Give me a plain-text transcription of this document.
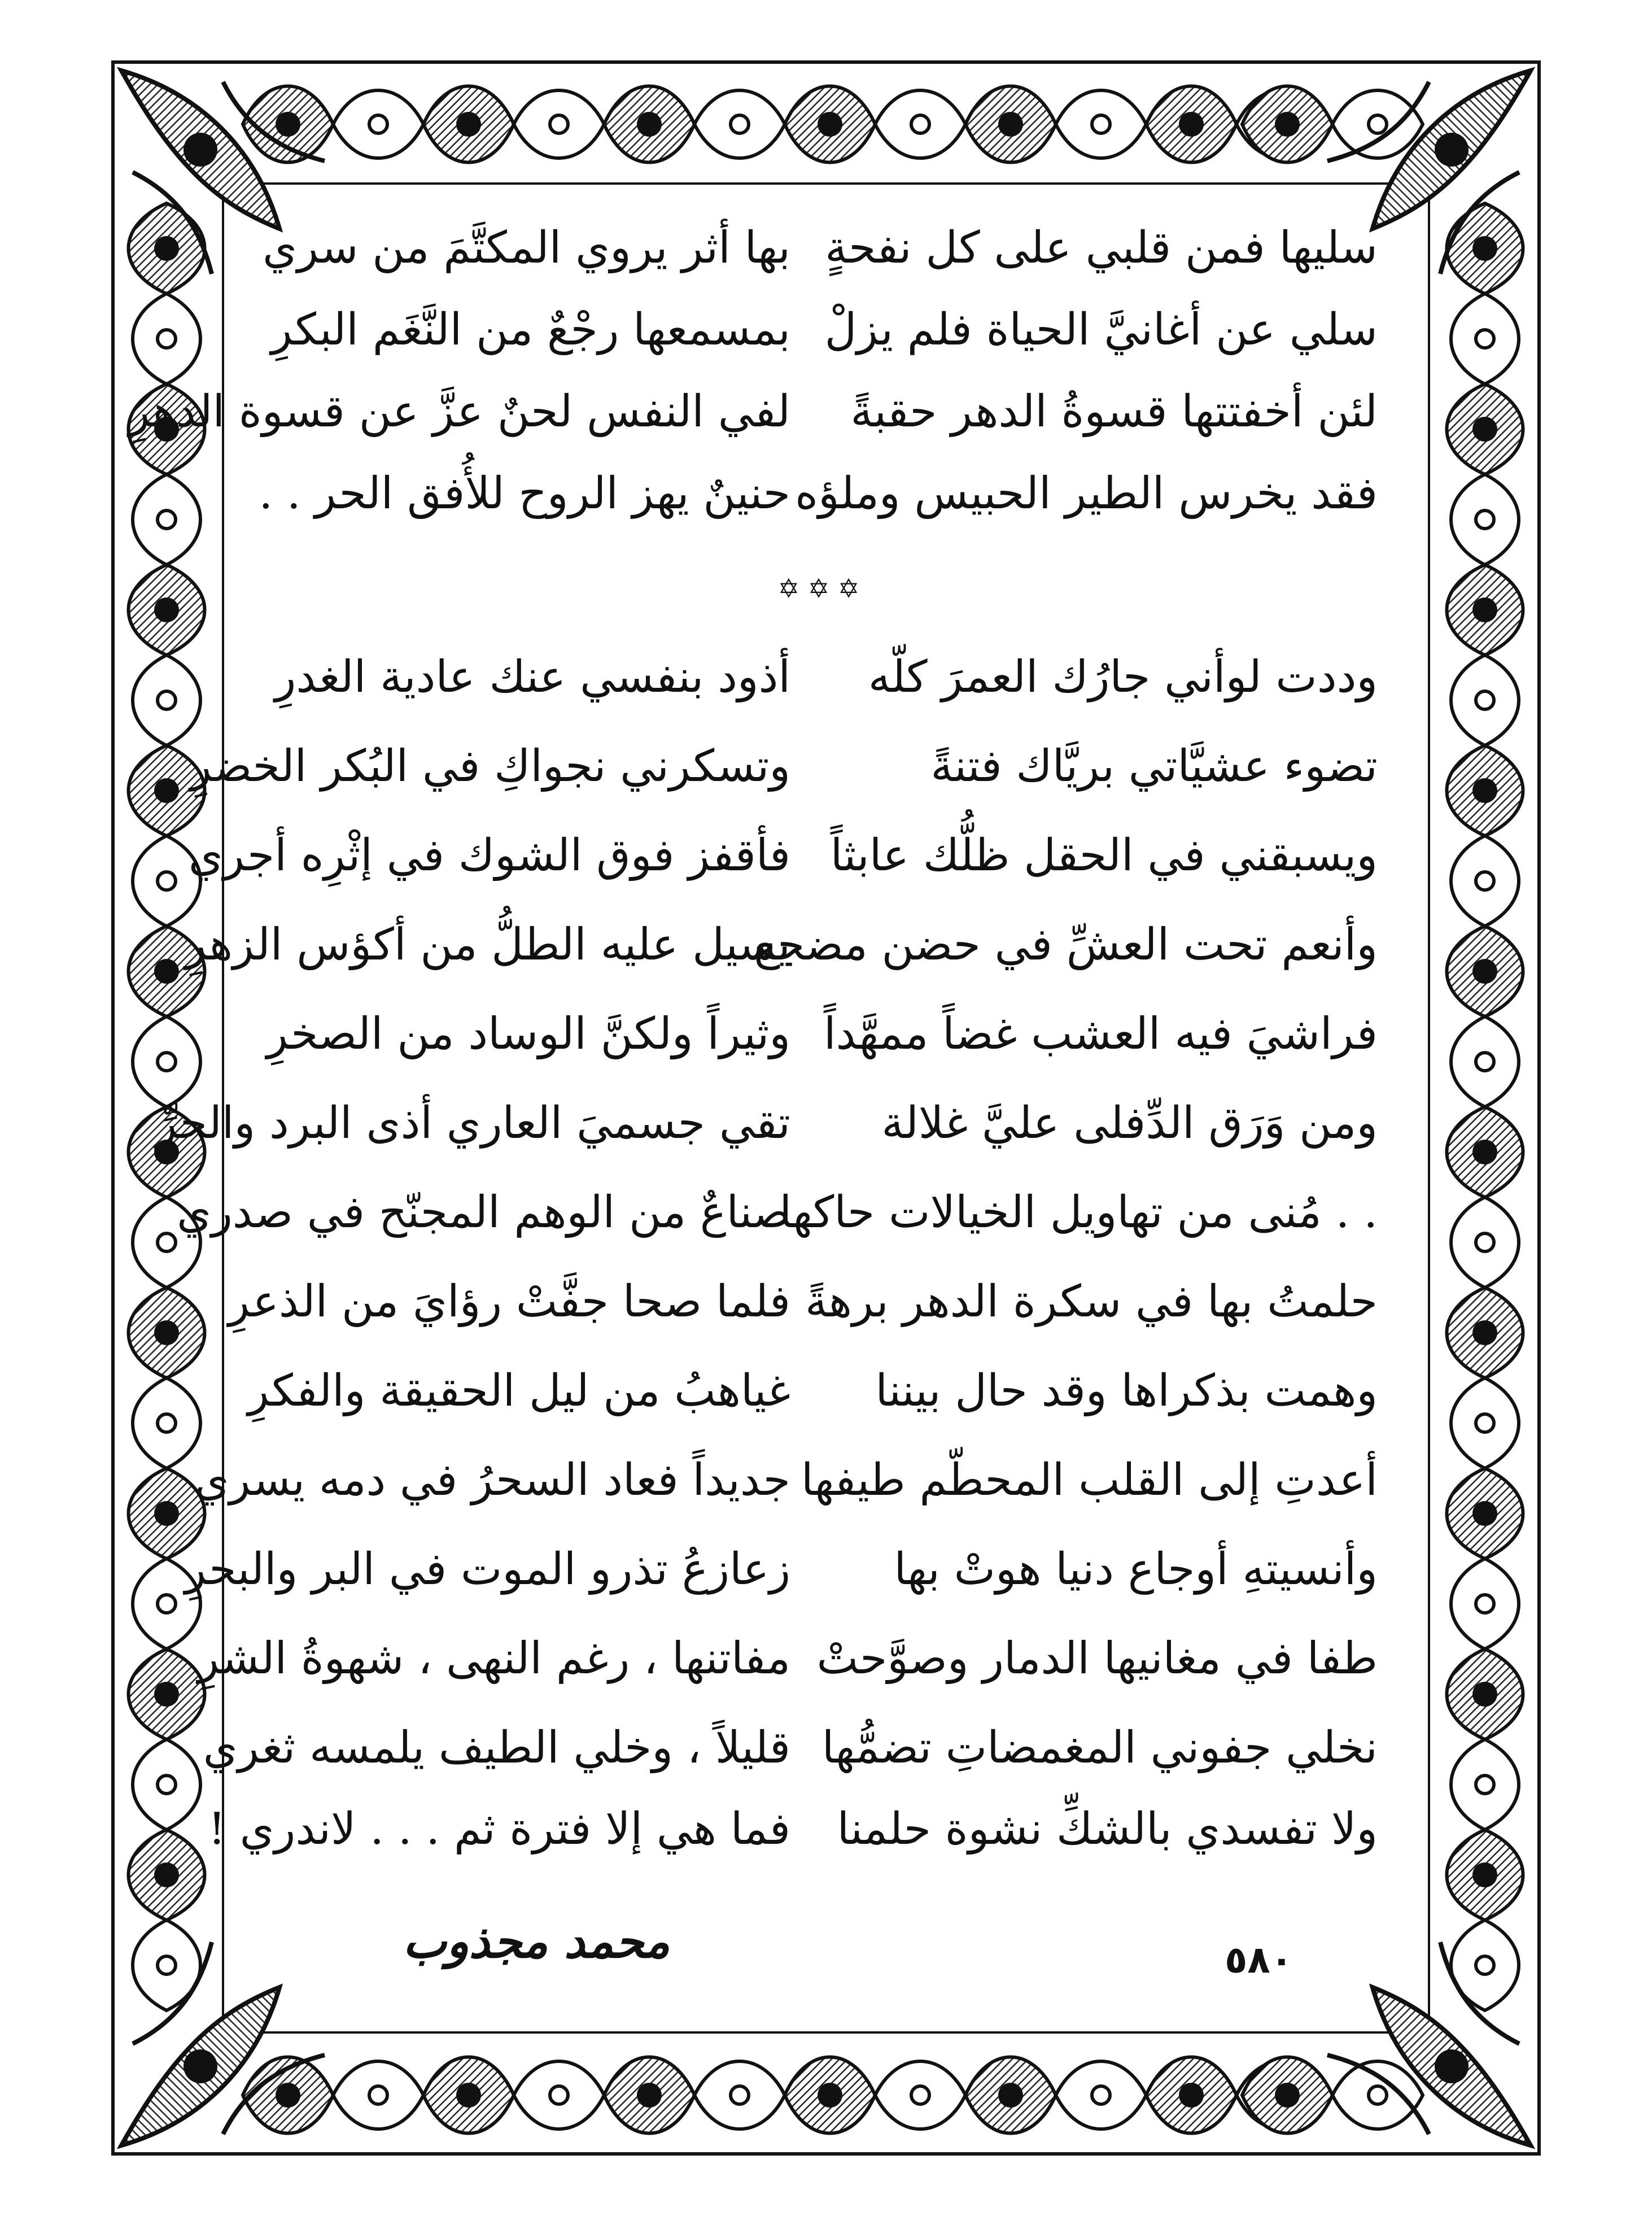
سليها فمن قلبي على كل نفحةٍ
بها أثر يروي المكتَّمَ من سري
سلي عن أغانيَّ الحياة فلم يزلْ
بمسمعها رجْعٌ من النَّغَم البكرِ
لئن أخفتتها قسوةُ الدهر حقبةً
لفي النفس لحنٌ عزَّ عن قسوة الدهرِ
فقد يخرس الطير الحبيس وملؤه
حنينٌ يهز الروح للأُفق الحر . .
✡ ✡ ✡
وددت لوأني جارُك العمرَ كلّه
أذود بنفسي عنك عادية الغدرِ
تضوء عشيَّاتي بريَّاك فتنةً
وتسكرني نجواكِ في البُكر الخضرِ
ويسبقني في الحقل ظلُّك عابثاً
فأقفز فوق الشوك في إثْرِه أجري
وأنعم تحت العشِّ في حضن مضجع
يسيل عليه الطلُّ من أكؤس الزهرِ
فراشيَ فيه العشب غضاً ممهَّداً
وثيراً ولكنَّ الوساد من الصخرِ
ومن وَرَق الدِّفلى عليَّ غلالة
تقي جسميَ العاري أذى البرد والحرِّ
. . مُنى من تهاويل الخيالات حاكها
صناعٌ من الوهم المجنّح في صدري
حلمتُ بها في سكرة الدهر برهةً
فلما صحا جفَّتْ رؤايَ من الذعرِ
وهمت بذكراها وقد حال بيننا
غياهبُ من ليل الحقيقة والفكرِ
أعدتِ إلى القلب المحطّم طيفها
جديداً فعاد السحرُ في دمه يسري
وأنسيتهِ أوجاع دنيا هوتْ بها
زعازعُ تذرو الموت في البر والبحرِ
طفا في مغانيها الدمار وصوَّحتْ
مفاتنها ، رغم النهى ، شهوةُ الشرِ
نخلي جفوني المغمضاتِ تضمُّها
قليلاً ، وخلي الطيف يلمسه ثغري
ولا تفسدي بالشكِّ نشوة حلمنا
فما هي إلا فترة ثم . . . لاندري !
محمد مجذوب	٥٨٠
